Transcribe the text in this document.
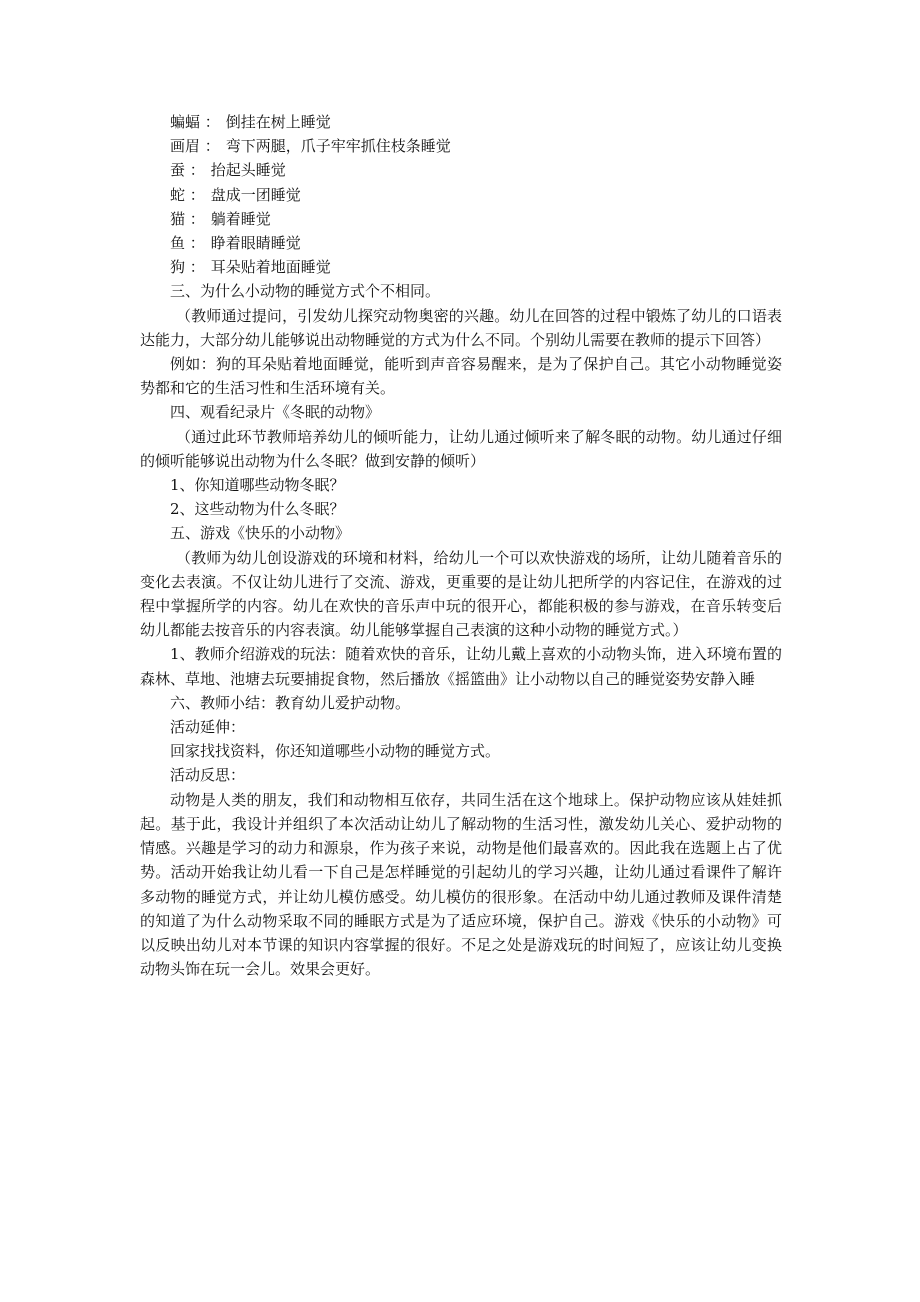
蝙蝠 ： 倒挂在树上睡觉

画眉 ： 弯下两腿，爪子牢牢抓住枝条睡觉

蚕 ： 抬起头睡觉

蛇 ： 盘成一团睡觉

猫 ： 躺着睡觉

鱼 ： 睁着眼睛睡觉

狗 ： 耳朵贴着地面睡觉

三、为什么小动物的睡觉方式个不相同。

（教师通过提问，引发幼儿探究动物奥密的兴趣。幼儿在回答的过程中锻炼了幼儿的口语表达能力，大部分幼儿能够说出动物睡觉的方式为什么不同。个别幼儿需要在教师的提示下回答）

例如：狗的耳朵贴着地面睡觉，能听到声音容易醒来，是为了保护自己。其它小动物睡觉姿势都和它的生活习性和生活环境有关。

四、观看纪录片《冬眠的动物》

（通过此环节教师培养幼儿的倾听能力，让幼儿通过倾听来了解冬眠的动物。幼儿通过仔细的倾听能够说出动物为什么冬眠？做到安静的倾听）

1、你知道哪些动物冬眠？

2、这些动物为什么冬眠？

五、游戏《快乐的小动物》

（教师为幼儿创设游戏的环境和材料，给幼儿一个可以欢快游戏的场所，让幼儿随着音乐的变化去表演。不仅让幼儿进行了交流、游戏，更重要的是让幼儿把所学的内容记住，在游戏的过程中掌握所学的内容。幼儿在欢快的音乐声中玩的很开心，都能积极的参与游戏，在音乐转变后幼儿都能去按音乐的内容表演。幼儿能够掌握自己表演的这种小动物的睡觉方式。）

1、教师介绍游戏的玩法：随着欢快的音乐，让幼儿戴上喜欢的小动物头饰，进入环境布置的森林、草地、池塘去玩要捕捉食物，然后播放《摇篮曲》让小动物以自己的睡觉姿势安静入睡

六、教师小结：教育幼儿爱护动物。

活动延伸：

回家找找资料，你还知道哪些小动物的睡觉方式。

活动反思：

动物是人类的朋友，我们和动物相互依存，共同生活在这个地球上。保护动物应该从娃娃抓起。基于此，我设计并组织了本次活动让幼儿了解动物的生活习性，激发幼儿关心、爱护动物的情感。兴趣是学习的动力和源泉，作为孩子来说，动物是他们最喜欢的。因此我在选题上占了优势。活动开始我让幼儿看一下自己是怎样睡觉的引起幼儿的学习兴趣，让幼儿通过看课件了解许多动物的睡觉方式，并让幼儿模仿感受。幼儿模仿的很形象。在活动中幼儿通过教师及课件清楚的知道了为什么动物采取不同的睡眠方式是为了适应环境，保护自己。游戏《快乐的小动物》可以反映出幼儿对本节课的知识内容掌握的很好。不足之处是游戏玩的时间短了，应该让幼儿变换动物头饰在玩一会儿。效果会更好。
